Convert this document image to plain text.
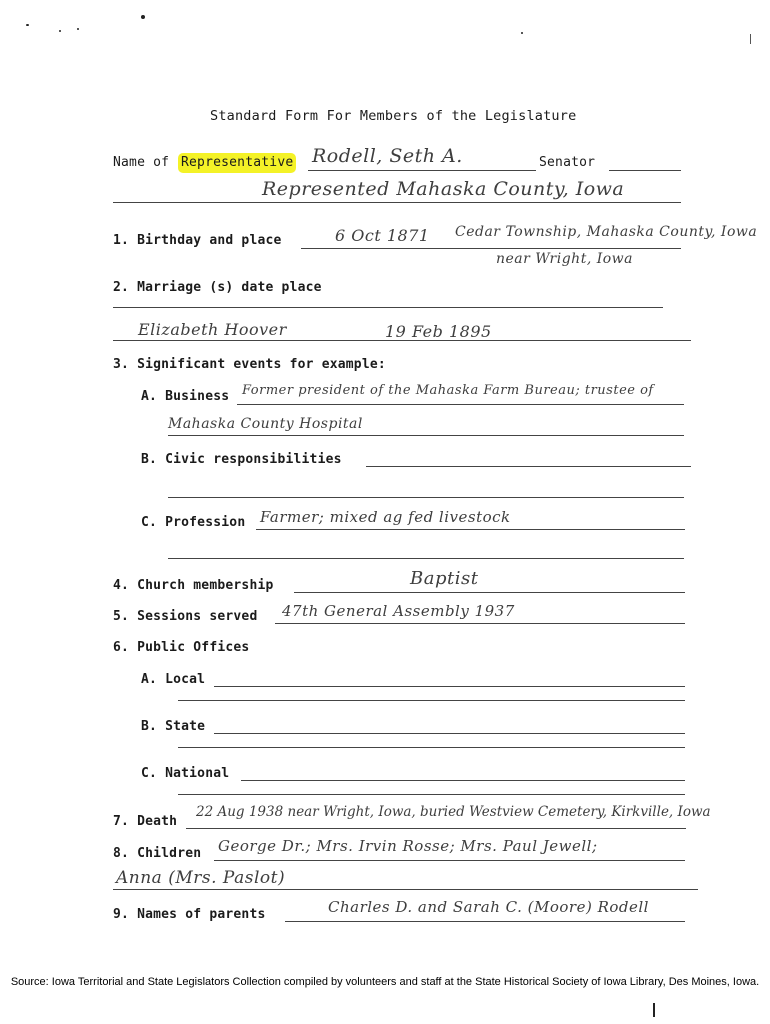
Standard Form For Members of the Legislature
Name of Representative Rodell, Seth A.	Senator
Represented Mahaska County, Iowa
1. Birthday and place	6 Oct 1871 Cedar Township, Mahaska County, Iowa
near Wright, Iowa
2. Marriage (s) date place
Elizabeth Hoover	19 Feb 1895
3. Significant events for example:
A. Business Former president of the Mahaska Farm Bureau; trustee of
Mahaska County Hospital
B. Civic responsibilities
C. Profession Farmer; mixed ag fed livestock
4. Church membership	Baptist
5. Sessions served 47th General Assembly 1937
6. Public Offices
A. Local
B. State
C. National
7. Death
22 Aug 1938 near Wright, Iowa, buried Westview Cemetery, Kirkville, Iowa
8. Children George Dr.; Mrs. Irvin Rosse; Mrs. Paul Jewell;
Anna (Mrs. Paslot)
9. Names of parents	Charles D. and Sarah C. (Moore) Rodell
Source: Iowa Territorial and State Legislators Collection compiled by volunteers and staff at the State Historical Society of Iowa Library, Des Moines, Iowa.
